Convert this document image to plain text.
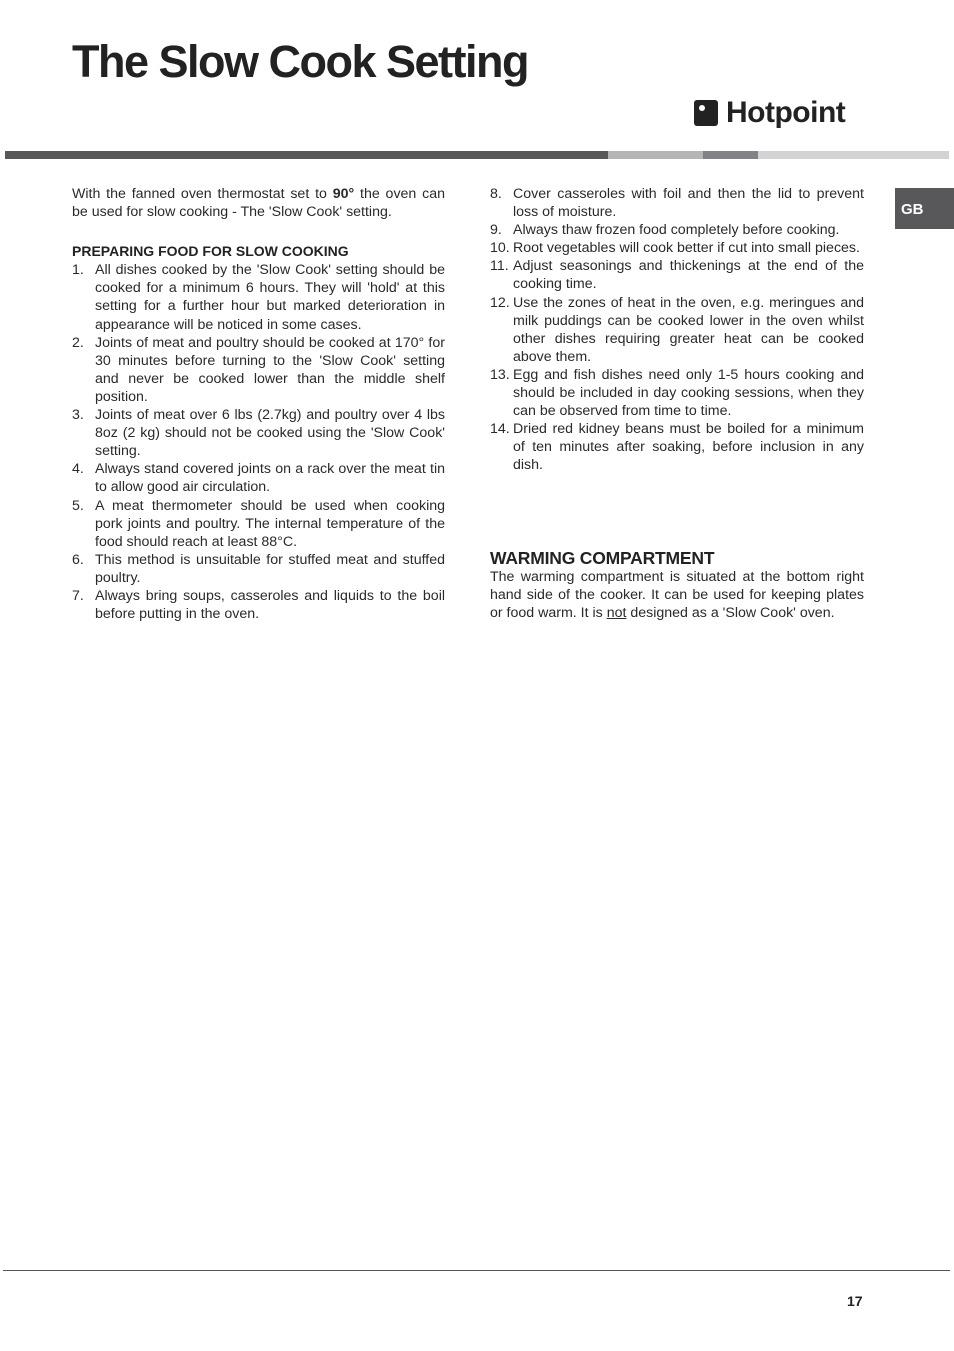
The Slow Cook Setting
Hotpoint
GB

With the fanned oven thermostat set to 90° the oven can be used for slow cooking - The 'Slow Cook' setting.

PREPARING FOOD FOR SLOW COOKING
1. All dishes cooked by the 'Slow Cook' setting should be cooked for a minimum 6 hours. They will 'hold' at this setting for a further hour but marked deterioration in appearance will be noticed in some cases.
2. Joints of meat and poultry should be cooked at 170° for 30 minutes before turning to the 'Slow Cook' setting and never be cooked lower than the middle shelf position.
3. Joints of meat over 6 lbs (2.7kg) and poultry over 4 lbs 8oz (2 kg) should not be cooked using the 'Slow Cook' setting.
4. Always stand covered joints on a rack over the meat tin to allow good air circulation.
5. A meat thermometer should be used when cooking pork joints and poultry. The internal temperature of the food should reach at least 88°C.
6. This method is unsuitable for stuffed meat and stuffed poultry.
7. Always bring soups, casseroles and liquids to the boil before putting in the oven.
8. Cover casseroles with foil and then the lid to prevent loss of moisture.
9. Always thaw frozen food completely before cooking.
10. Root vegetables will cook better if cut into small pieces.
11. Adjust seasonings and thickenings at the end of the cooking time.
12. Use the zones of heat in the oven, e.g. meringues and milk puddings can be cooked lower in the oven whilst other dishes requiring greater heat can be cooked above them.
13. Egg and fish dishes need only 1-5 hours cooking and should be included in day cooking sessions, when they can be observed from time to time.
14. Dried red kidney beans must be boiled for a minimum of ten minutes after soaking, before inclusion in any dish.
WARMING COMPARTMENT

The warming compartment is situated at the bottom right hand side of the cooker. It can be used for keeping plates or food warm. It is not designed as a 'Slow Cook' oven.

17
